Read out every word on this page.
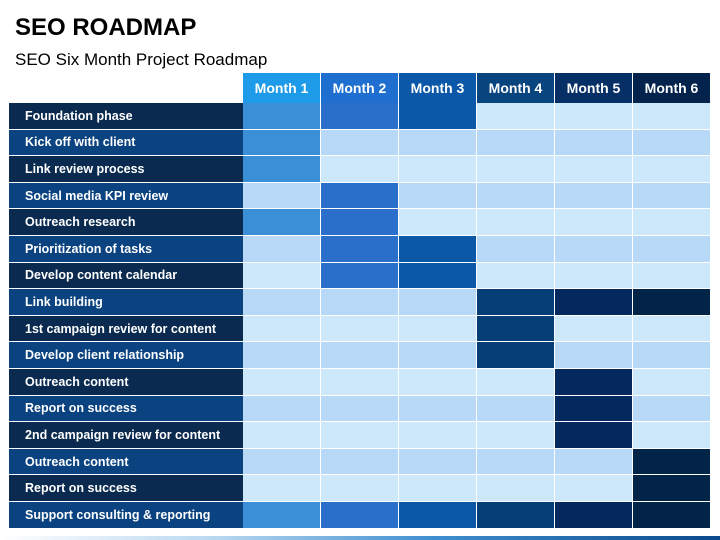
SEO ROADMAP
SEO Six Month Project Roadmap
Month 1	Month 2	Month 3	Month 4	Month 5	Month 6
Foundation phase
Kick off with client
Link review process
Social media KPI review
Outreach research
Prioritization of tasks
Develop content calendar
Link building
1st campaign review for content
Develop client relationship
Outreach content
Report on success
2nd campaign review for content
Outreach content
Report on success
Support consulting & reporting
